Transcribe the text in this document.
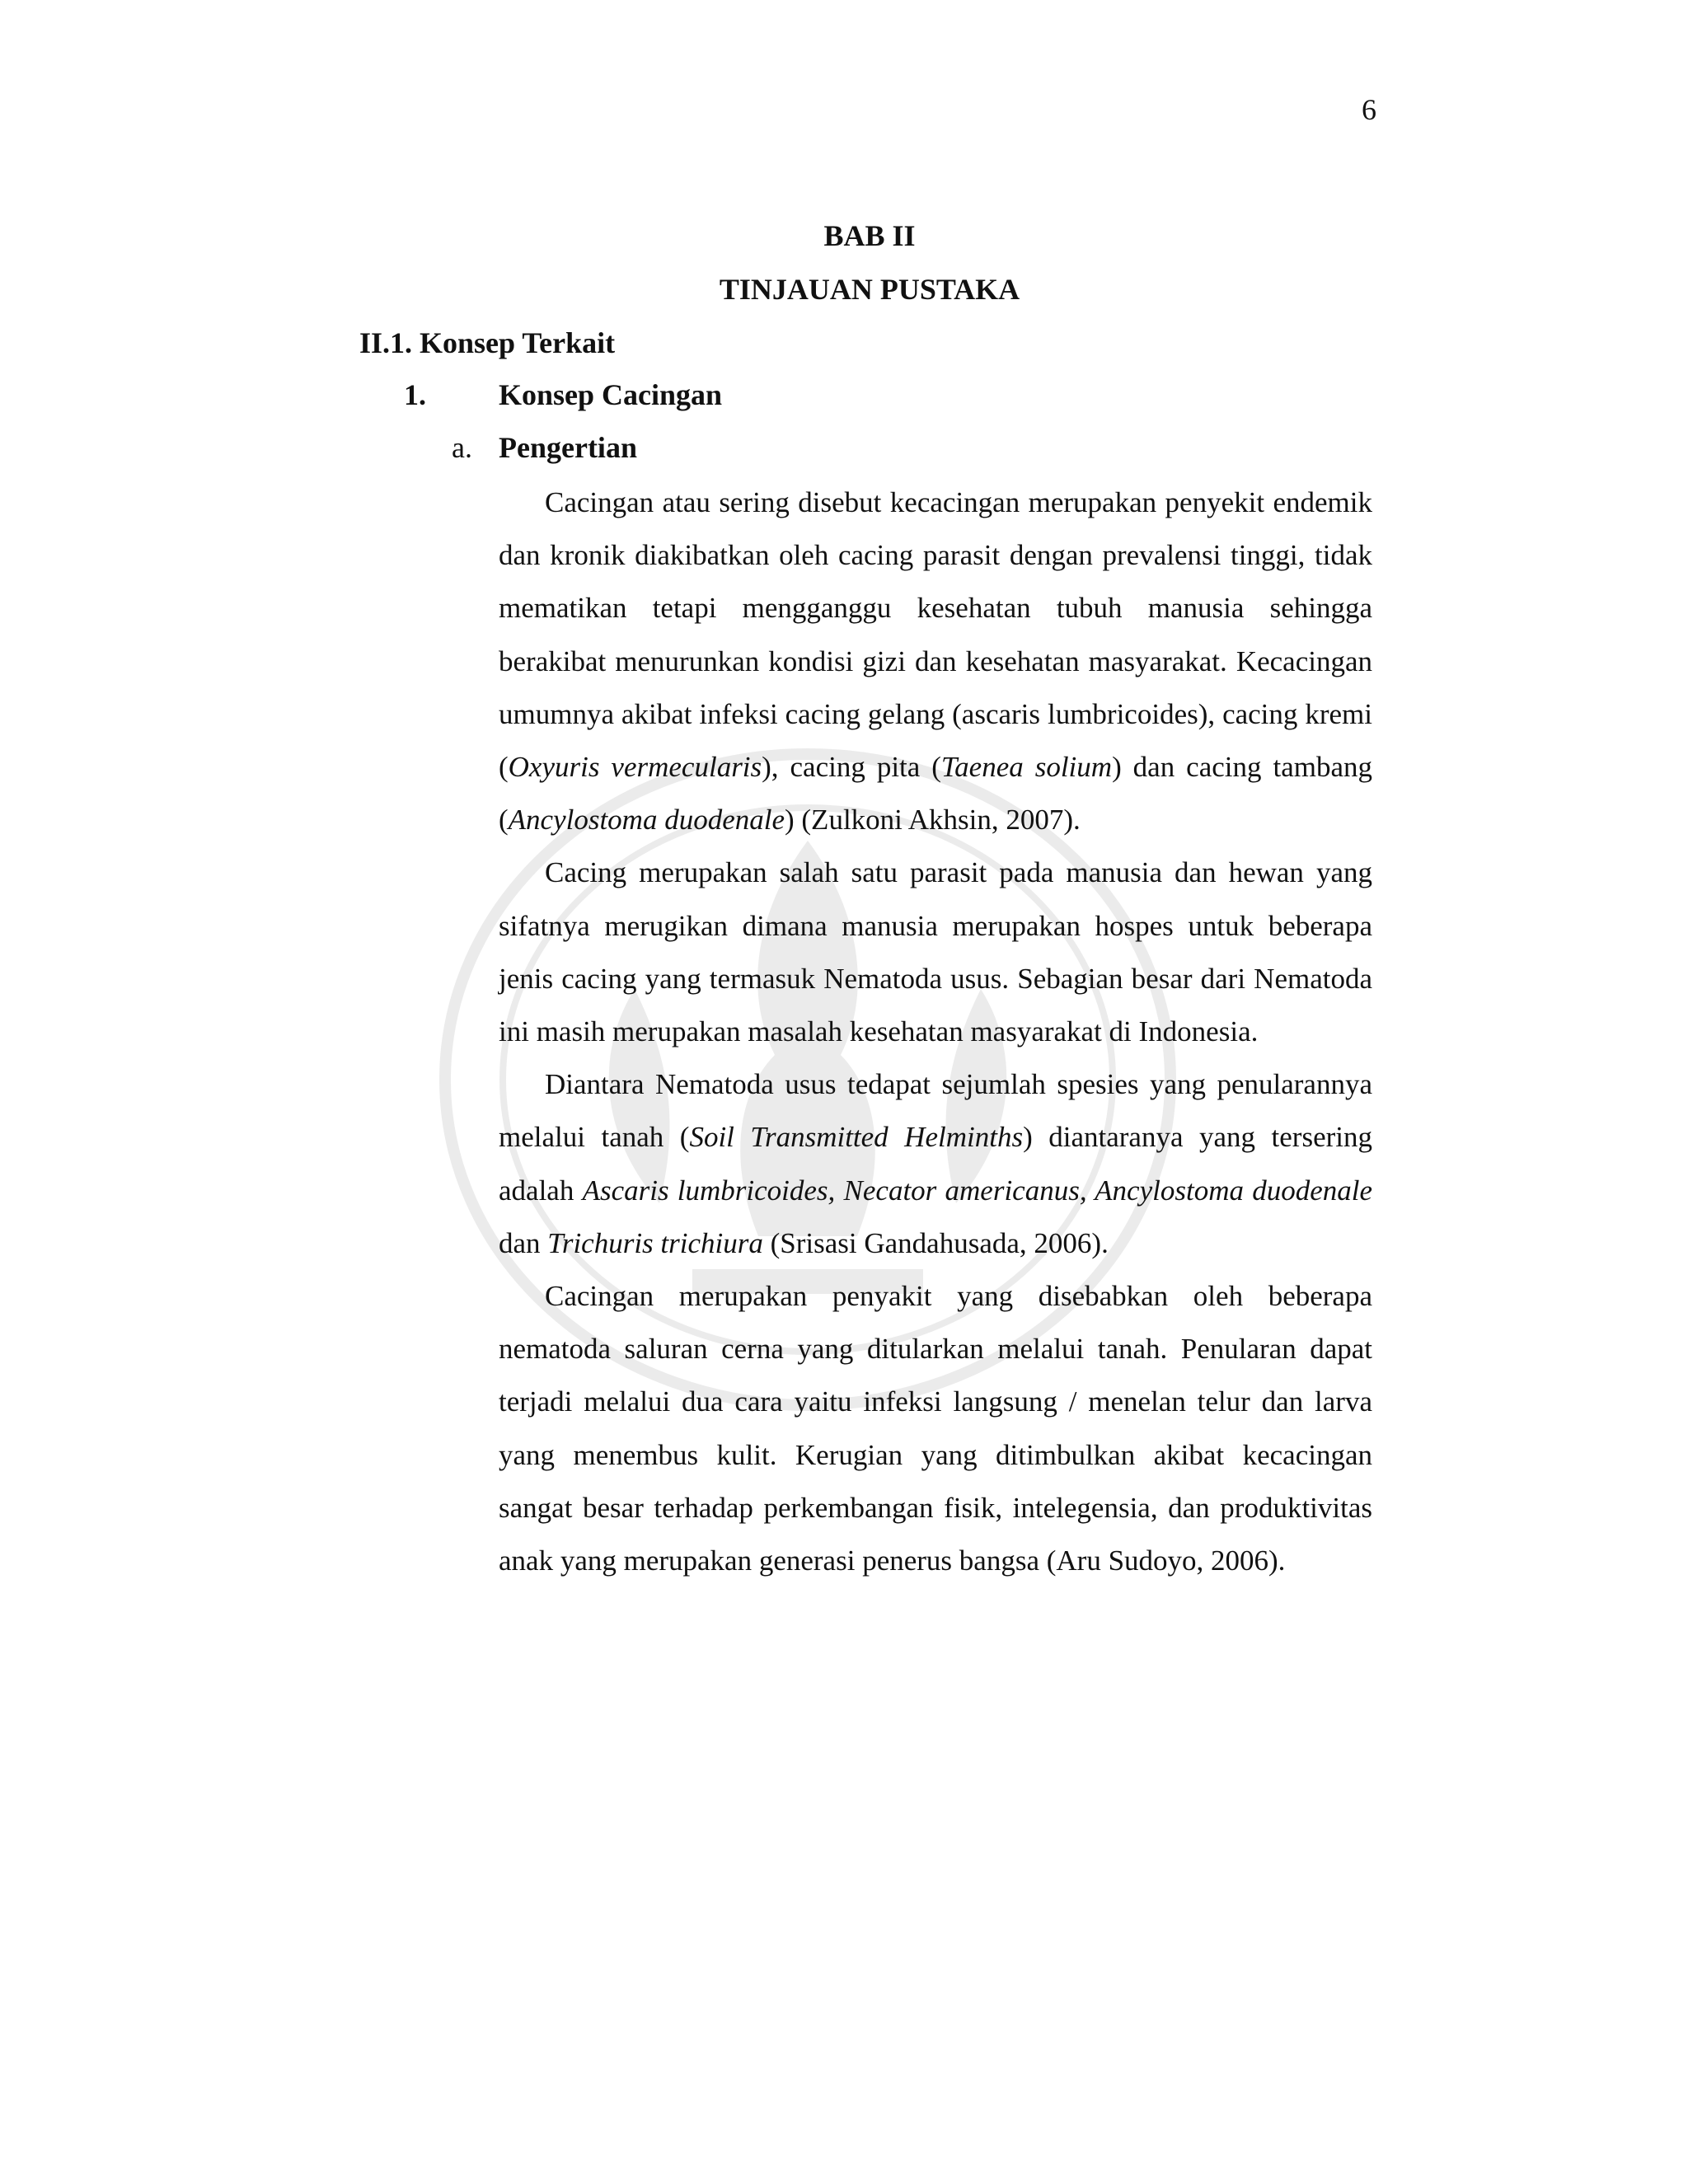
6
BAB II
TINJAUAN PUSTAKA
II.1. Konsep Terkait
1. Konsep Cacingan
a. Pengertian

Cacingan atau sering disebut kecacingan merupakan penyekit endemik dan kronik diakibatkan oleh cacing parasit dengan prevalensi tinggi, tidak mematikan tetapi mengganggu kesehatan tubuh manusia sehingga berakibat menurunkan kondisi gizi dan kesehatan masyarakat. Kecacingan umumnya akibat infeksi cacing gelang (ascaris lumbricoides), cacing kremi (Oxyuris vermecularis), cacing pita (Taenea solium) dan cacing tambang (Ancylostoma duodenale) (Zulkoni Akhsin, 2007).

Cacing merupakan salah satu parasit pada manusia dan hewan yang sifatnya merugikan dimana manusia merupakan hospes untuk beberapa jenis cacing yang termasuk Nematoda usus. Sebagian besar dari Nematoda ini masih merupakan masalah kesehatan masyarakat di Indonesia.

Diantara Nematoda usus tedapat sejumlah spesies yang penularannya melalui tanah (Soil Transmitted Helminths) diantaranya yang tersering adalah Ascaris lumbricoides, Necator americanus, Ancylostoma duodenale dan Trichuris trichiura (Srisasi Gandahusada, 2006).

Cacingan merupakan penyakit yang disebabkan oleh beberapa nematoda saluran cerna yang ditularkan melalui tanah. Penularan dapat terjadi melalui dua cara yaitu infeksi langsung / menelan telur dan larva yang menembus kulit. Kerugian yang ditimbulkan akibat kecacingan sangat besar terhadap perkembangan fisik, intelegensia, dan produktivitas anak yang merupakan generasi penerus bangsa (Aru Sudoyo, 2006).
